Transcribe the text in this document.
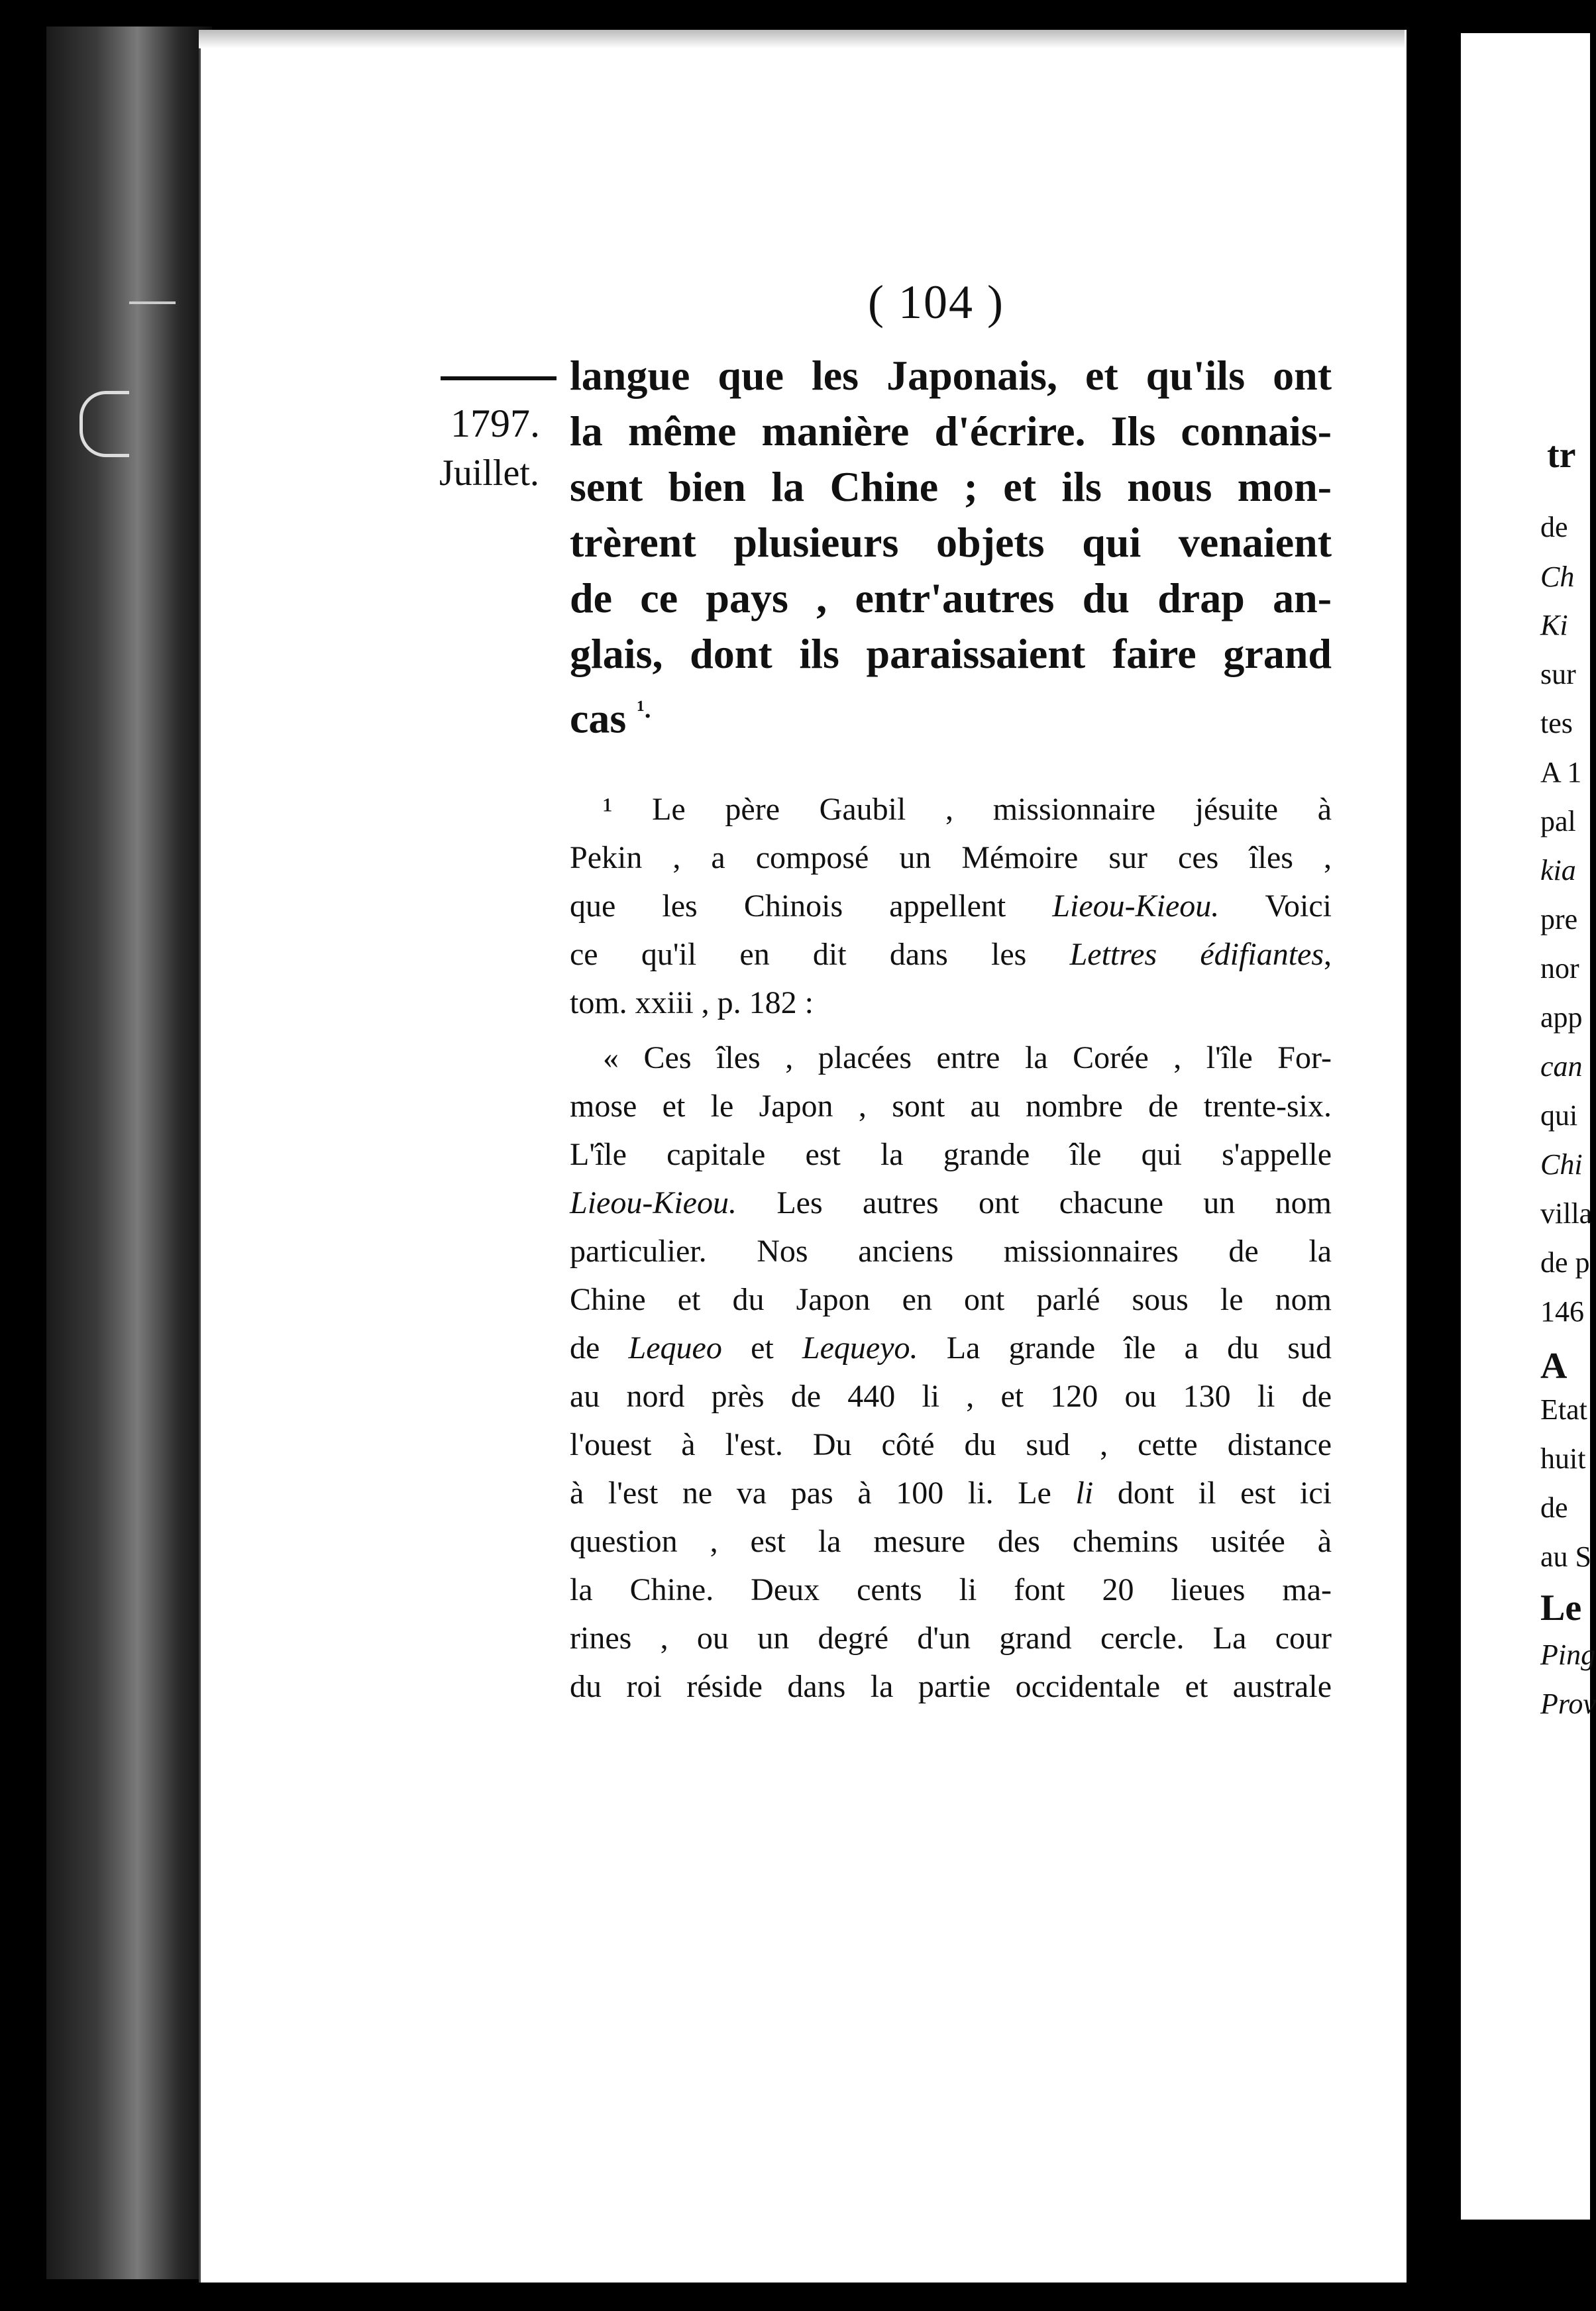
( 104 )
1797.
Juillet.
langue que les Japonais, et qu'ils ont
la même manière d'écrire. Ils connais-
sent bien la Chine ; et ils nous mon-
trèrent plusieurs objets qui venaient
de ce pays , entr'autres du drap an-
glais, dont ils paraissaient faire grand
cas $^{^1.}$
¹ Le père Gaubil , missionnaire jésuite à
Pekin , a composé un Mémoire sur ces îles ,
que les Chinois appellent Lieou-Kieou. Voici
ce qu'il en dit dans les Lettres édifiantes,
tom. xxiii , p. 182 :
« Ces îles , placées entre la Corée , l'île For-
mose et le Japon , sont au nombre de trente-six.
L'île capitale est la grande île qui s'appelle
Lieou-Kieou. Les autres ont chacune un nom
particulier. Nos anciens missionnaires de la
Chine et du Japon en ont parlé sous le nom
de Lequeo et Lequeyo. La grande île a du sud
au nord près de 440 li , et 120 ou 130 li de
l'ouest à l'est. Du côté du sud , cette distance
à l'est ne va pas à 100 li. Le li dont il est ici
question , est la mesure des chemins usitée à
la Chine. Deux cents li font 20 lieues ma-
rines , ou un degré d'un grand cercle. La cour
du roi réside dans la partie occidentale et australe
tr
de
Ch
Ki
sur
tes
A 1
pal
kia
pre
nor
app
can
qui
Chi
villa
de p
146
A
Etat
huit
de
au S
Le
Ping
Prov
